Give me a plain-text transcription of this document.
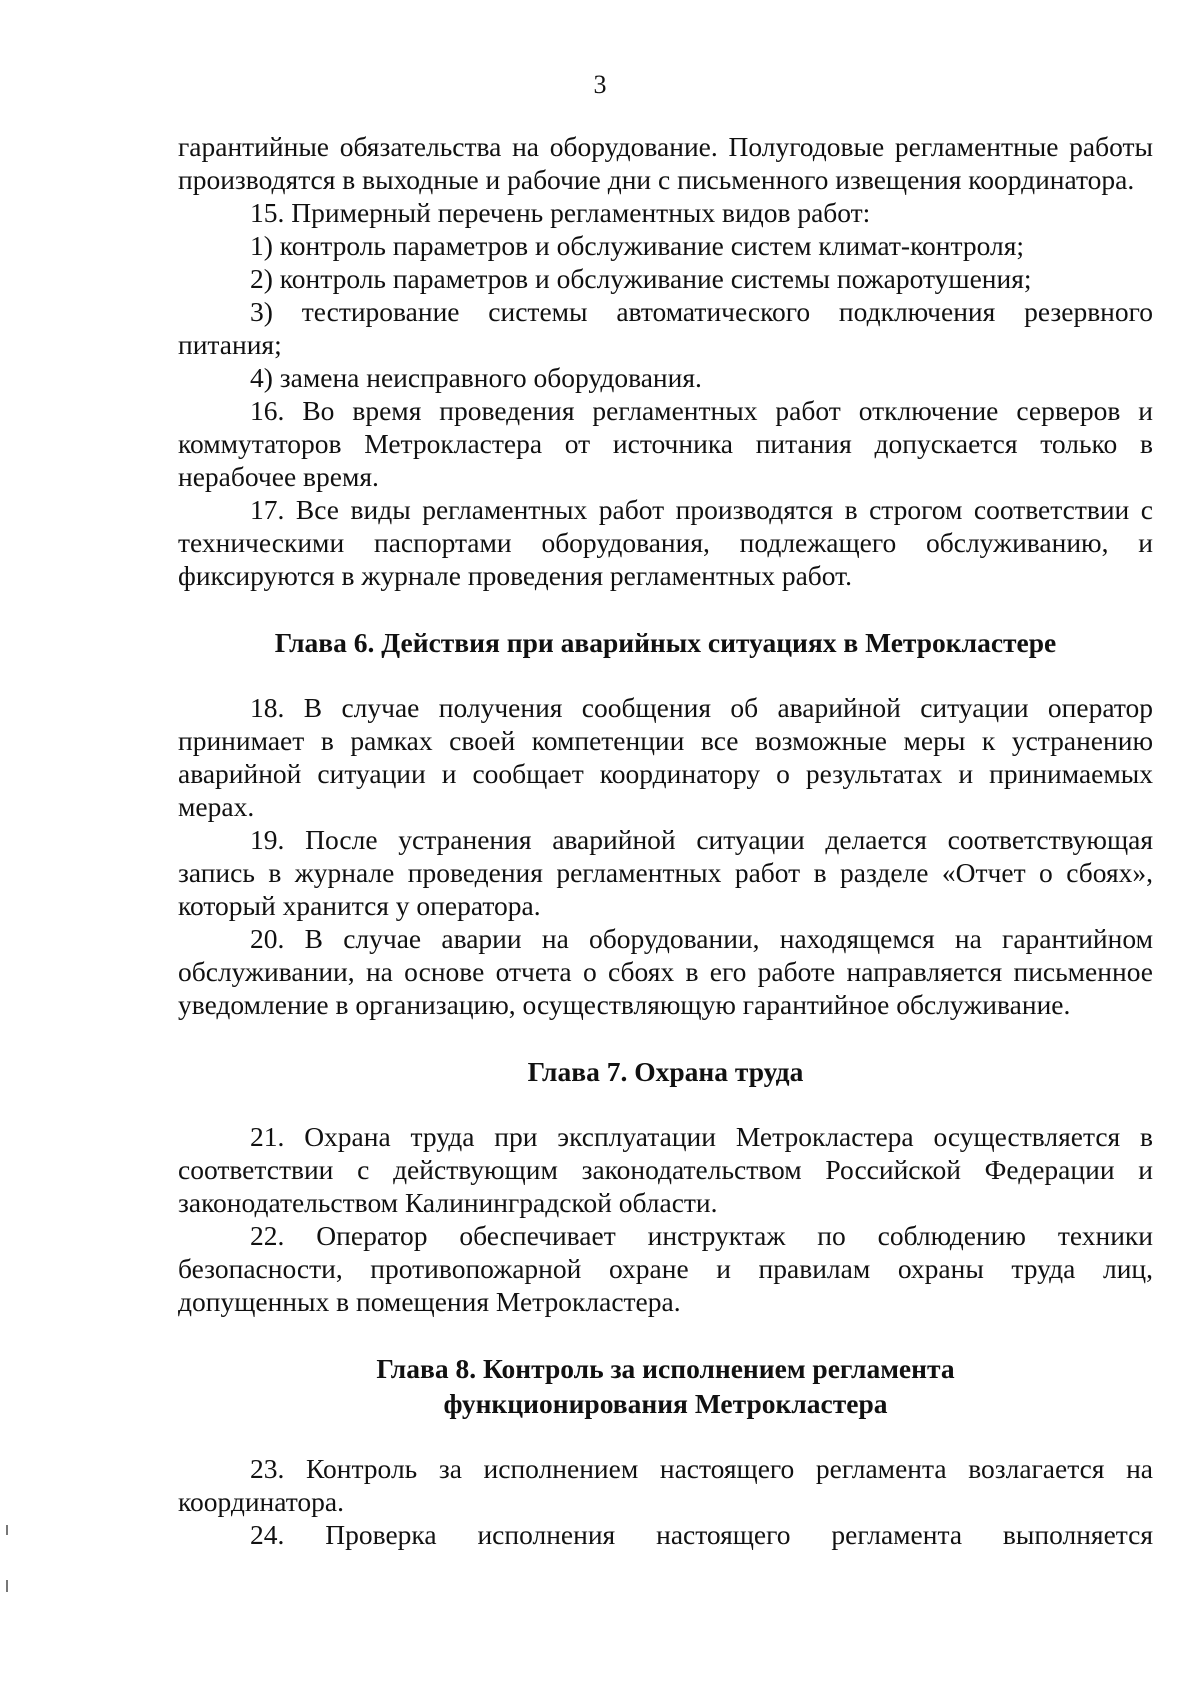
3

гарантийные обязательства на оборудование. Полугодовые регламентные работы производятся в выходные и рабочие дни с письменного извещения координатора.

15. Примерный перечень регламентных видов работ:

1) контроль параметров и обслуживание систем климат-контроля;

2) контроль параметров и обслуживание системы пожаротушения;

3) тестирование системы автоматического подключения резервного питания;

4) замена неисправного оборудования.

16. Во время проведения регламентных работ отключение серверов и коммутаторов Метрокластера от источника питания допускается только в нерабочее время.

17. Все виды регламентных работ производятся в строгом соответствии с техническими паспортами оборудования, подлежащего обслуживанию, и фиксируются в журнале проведения регламентных работ.

Глава 6. Действия при аварийных ситуациях в Метрокластере

18. В случае получения сообщения об аварийной ситуации оператор принимает в рамках своей компетенции все возможные меры к устранению аварийной ситуации и сообщает координатору о результатах и принимаемых мерах.

19. После устранения аварийной ситуации делается соответствующая запись в журнале проведения регламентных работ в разделе «Отчет о сбоях», который хранится у оператора.

20. В случае аварии на оборудовании, находящемся на гарантийном обслуживании, на основе отчета о сбоях в его работе направляется письменное уведомление в организацию, осуществляющую гарантийное обслуживание.

Глава 7. Охрана труда

21. Охрана труда при эксплуатации Метрокластера осуществляется в соответствии с действующим законодательством Российской Федерации и законодательством Калининградской области.

22. Оператор обеспечивает инструктаж по соблюдению техники безопасности, противопожарной охране и правилам охраны труда лиц, допущенных в помещения Метрокластера.

Глава 8. Контроль за исполнением регламента
функционирования Метрокластера

23. Контроль за исполнением настоящего регламента возлагается на координатора.

24. Проверка исполнения настоящего регламента выполняется
